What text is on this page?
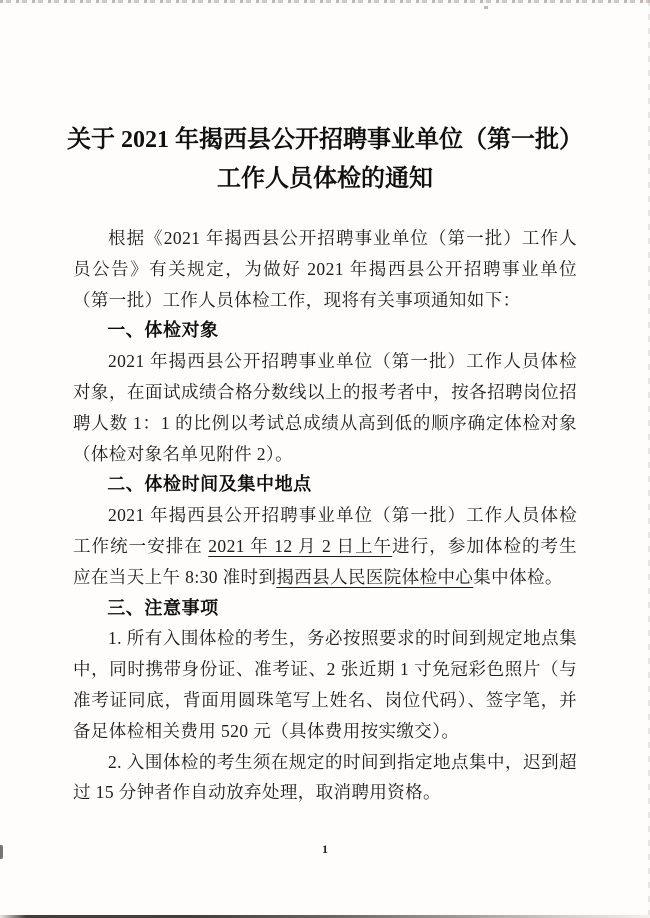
关于 2021 年揭西县公开招聘事业单位（第一批）
工作人员体检的通知

根据《2021 年揭西县公开招聘事业单位（第一批）工作人员公告》有关规定，为做好 2021 年揭西县公开招聘事业单位（第一批）工作人员体检工作，现将有关事项通知如下：

一、体检对象

2021 年揭西县公开招聘事业单位（第一批）工作人员体检对象，在面试成绩合格分数线以上的报考者中，按各招聘岗位招聘人数 1：1 的比例以考试总成绩从高到低的顺序确定体检对象（体检对象名单见附件 2）。

二、体检时间及集中地点

2021 年揭西县公开招聘事业单位（第一批）工作人员体检工作统一安排在 2021 年 12 月 2 日上午进行，参加体检的考生应在当天上午 8:30 准时到揭西县人民医院体检中心集中体检。

三、注意事项

1. 所有入围体检的考生，务必按照要求的时间到规定地点集中，同时携带身份证、准考证、2 张近期 1 寸免冠彩色照片（与准考证同底，背面用圆珠笔写上姓名、岗位代码）、签字笔，并备足体检相关费用 520 元（具体费用按实缴交）。

2. 入围体检的考生须在规定的时间到指定地点集中，迟到超过 15 分钟者作自动放弃处理，取消聘用资格。

1
